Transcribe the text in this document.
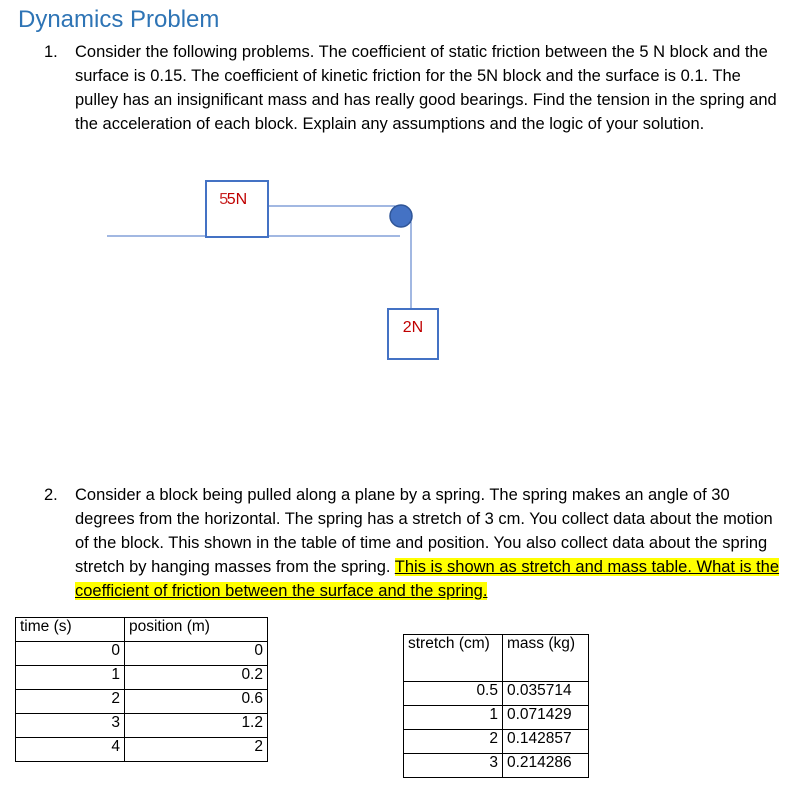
Dynamics Problem
1. Consider the following problems. The coefficient of static friction between the 5 N block and the surface is 0.15. The coefficient of kinetic friction for the 5N block and the surface is 0.1. The pulley has an insignificant mass and has really good bearings. Find the tension in the spring and the acceleration of each block. Explain any assumptions and the logic of your solution.
5N
5
2N
2. Consider a block being pulled along a plane by a spring. The spring makes an angle of 30 degrees from the horizontal. The spring has a stretch of 3 cm. You collect data about the motion of the block. This shown in the table of time and position. You also collect data about the spring stretch by hanging masses from the spring. This is shown as stretch and mass table. What is the coefficient of friction between the surface and the spring.
time (s)	position (m)
0	0
1	0.2
2	0.6
3	1.2
4	2
stretch (cm)	mass (kg)
0.5	0.035714
1	0.071429
2	0.142857
3	0.214286
